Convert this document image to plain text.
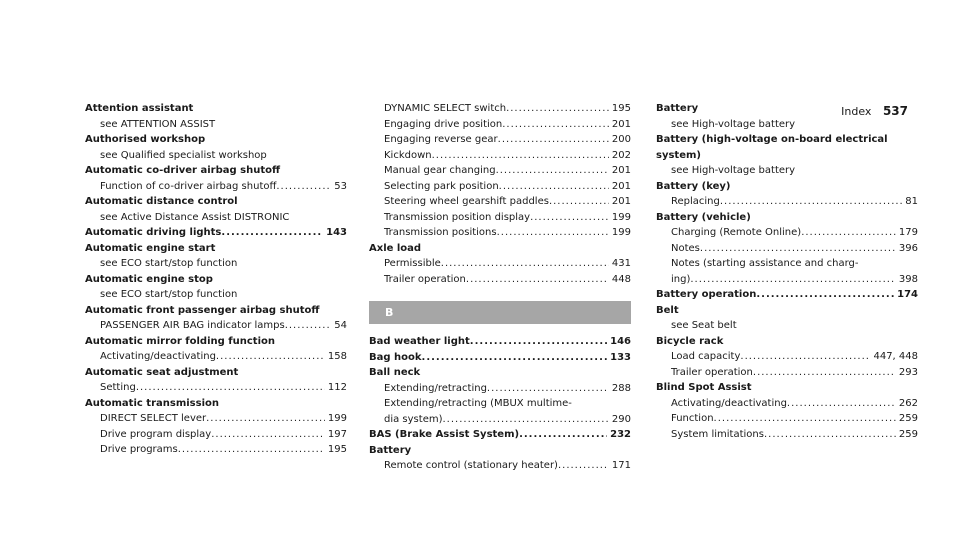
Index 537
Attention assistant
see ATTENTION ASSIST
Authorised workshop
see Qualified specialist workshop
Automatic co-driver airbag shutoff
Function of co-driver airbag shutoff .....	53
Automatic distance control
see Active Distance Assist DISTRONIC
Automatic driving lights .....	143
Automatic engine start
see ECO start/stop function
Automatic engine stop
see ECO start/stop function
Automatic front passenger airbag shutoff
PASSENGER AIR BAG indicator lamps .....	54
Automatic mirror folding function
Activating/deactivating .....	158
Automatic seat adjustment
Setting .....	112
Automatic transmission
DIRECT SELECT lever .....	199
Drive program display .....	197
Drive programs .....	195
DYNAMIC SELECT switch .....	195
Engaging drive position .....	201
Engaging reverse gear .....	200
Kickdown .....	202
Manual gear changing .....	201
Selecting park position .....	201
Steering wheel gearshift paddles .....	201
Transmission position display .....	199
Transmission positions .....	199
Axle load
Permissible .....	431
Trailer operation .....	448
B
Bad weather light .....	146
Bag hook .....	133
Ball neck
Extending/retracting .....	288
Extending/retracting (MBUX multime-
dia system) .....	290
BAS (Brake Assist System) .....	232
Battery
Remote control (stationary heater) .....	171
Battery
see High-voltage battery
Battery (high-voltage on-board electrical
system)
see High-voltage battery
Battery (key)
Replacing .....	81
Battery (vehicle)
Charging (Remote Online) .....	179
Notes .....	396
Notes (starting assistance and charg-
ing) .....	398
Battery operation .....	174
Belt
see Seat belt
Bicycle rack
Load capacity .....	447, 448
Trailer operation .....	293
Blind Spot Assist
Activating/deactivating .....	262
Function .....	259
System limitations .....	259
